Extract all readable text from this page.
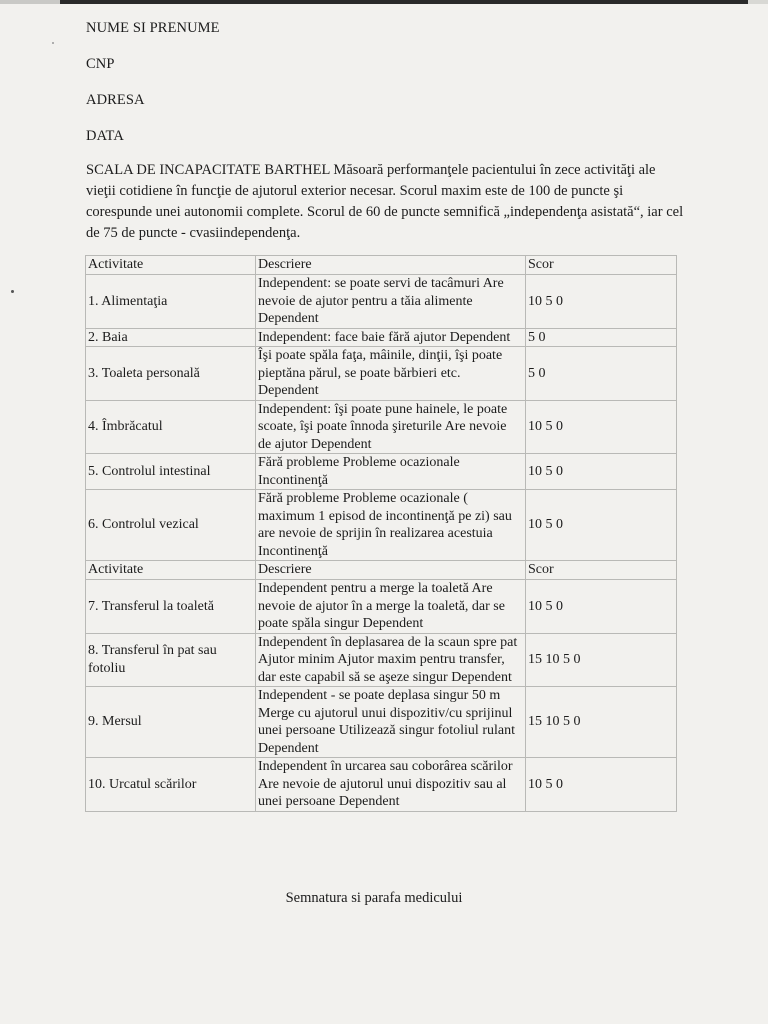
NUME SI PRENUME
CNP
ADRESA
DATA
SCALA DE INCAPACITATE BARTHEL Măsoară performanţele pacientului în zece activităţi ale vieţii cotidiene în funcţie de ajutorul exterior necesar. Scorul maxim este de 100 de puncte şi corespunde unei autonomii complete. Scorul de 60 de puncte semnifică „independenţa asistată“, iar cel de 75 de puncte - cvasiindependenţa.
Activitate	Descriere	Scor
1. Alimentaţia	Independent: se poate servi de tacâmuri Are nevoie de ajutor pentru a tăia alimente Dependent	10 5 0
2. Baia	Independent: face baie fără ajutor Dependent	5 0
3. Toaleta personală	Îşi poate spăla faţa, mâinile, dinţii, îşi poate pieptăna părul, se poate bărbieri etc. Dependent	5 0
4. Îmbrăcatul	Independent: îşi poate pune hainele, le poate scoate, îşi poate înnoda şireturile Are nevoie de ajutor Dependent	10 5 0
5. Controlul intestinal	Fără probleme Probleme ocazionale Incontinenţă	10 5 0
6. Controlul vezical	Fără probleme Probleme ocazionale ( maximum 1 episod de incontinenţă pe zi) sau are nevoie de sprijin în realizarea acestuia Incontinenţă	10 5 0
Activitate	Descriere	Scor
7. Transferul la toaletă	Independent pentru a merge la toaletă Are nevoie de ajutor în a merge la toaletă, dar se poate spăla singur Dependent	10 5 0
8. Transferul în pat sau fotoliu	Independent în deplasarea de la scaun spre pat Ajutor minim Ajutor maxim pentru transfer, dar este capabil să se aşeze singur Dependent	15 10 5 0
9. Mersul	Independent - se poate deplasa singur 50 m Merge cu ajutorul unui dispozitiv/cu sprijinul unei persoane Utilizează singur fotoliul rulant Dependent	15 10 5 0
10. Urcatul scărilor	Independent în urcarea sau coborârea scărilor Are nevoie de ajutorul unui dispozitiv sau al unei persoane Dependent	10 5 0
Semnatura si parafa medicului
